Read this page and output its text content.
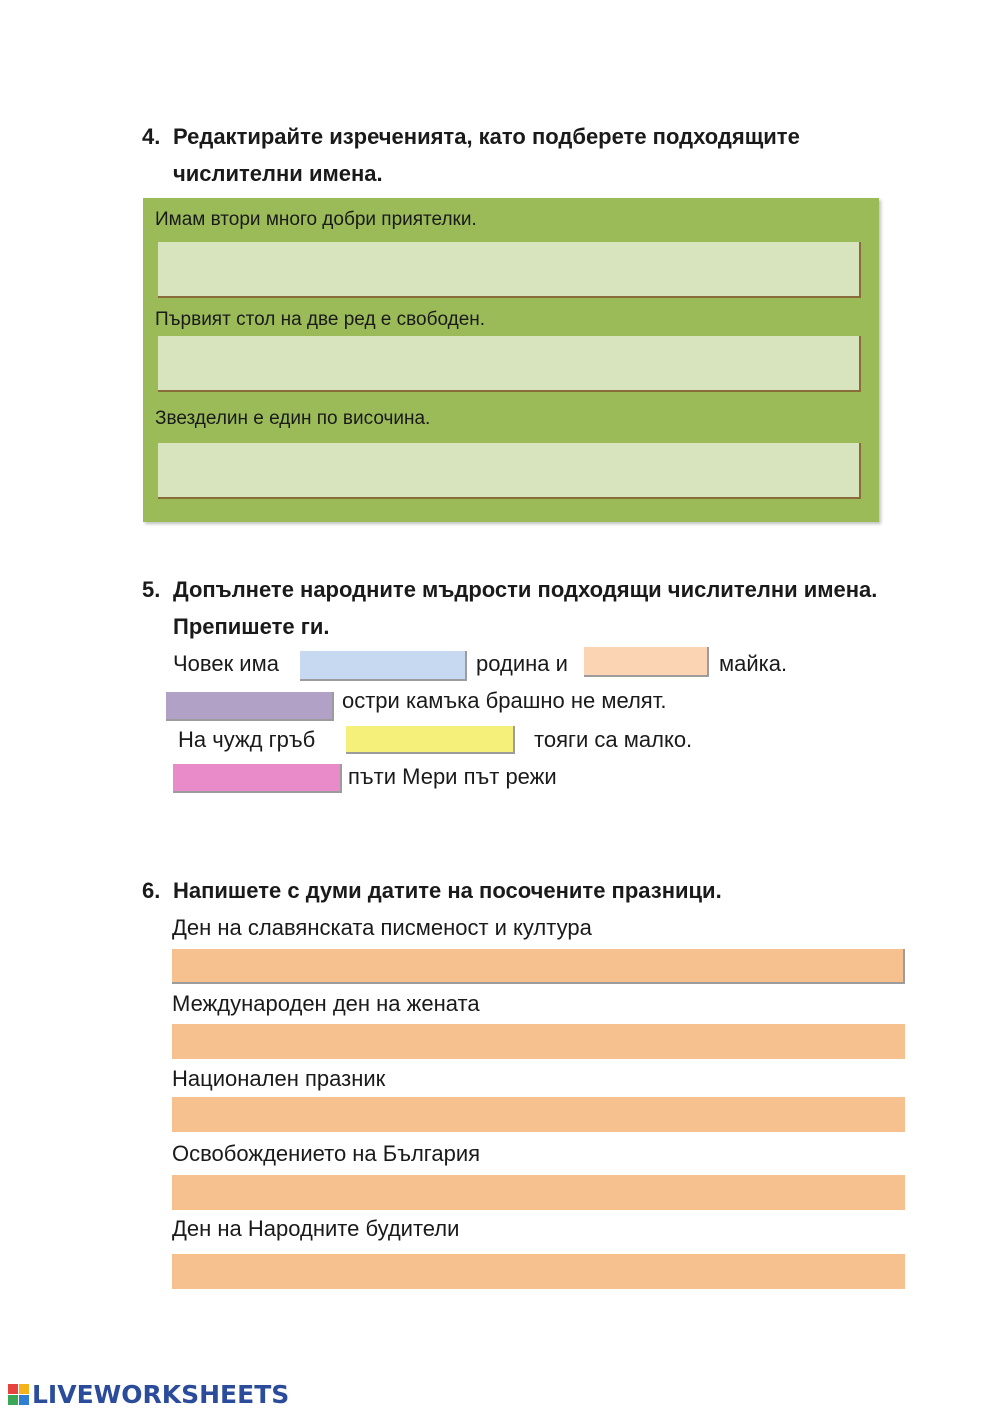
4. Редактирайте изреченията, като подберете подходящите числителни имена.
Имам втори много добри приятелки.
Първият стол на две ред е свободен.
Звезделин е един по височина.
5. Допълнете народните мъдрости подходящи числителни имена. Препишете ги.
Човек има	родина и	майка.
остри камъка брашно не мелят.
На чужд гръб	тояги са малко.
пъти Мери път режи
6. Напишете с думи датите на посочените празници.
Ден на славянската писменост и култура
Международен ден на жената
Национален празник
Освобождението на България
Ден на Народните будители
LIVEWORKSHEETS
